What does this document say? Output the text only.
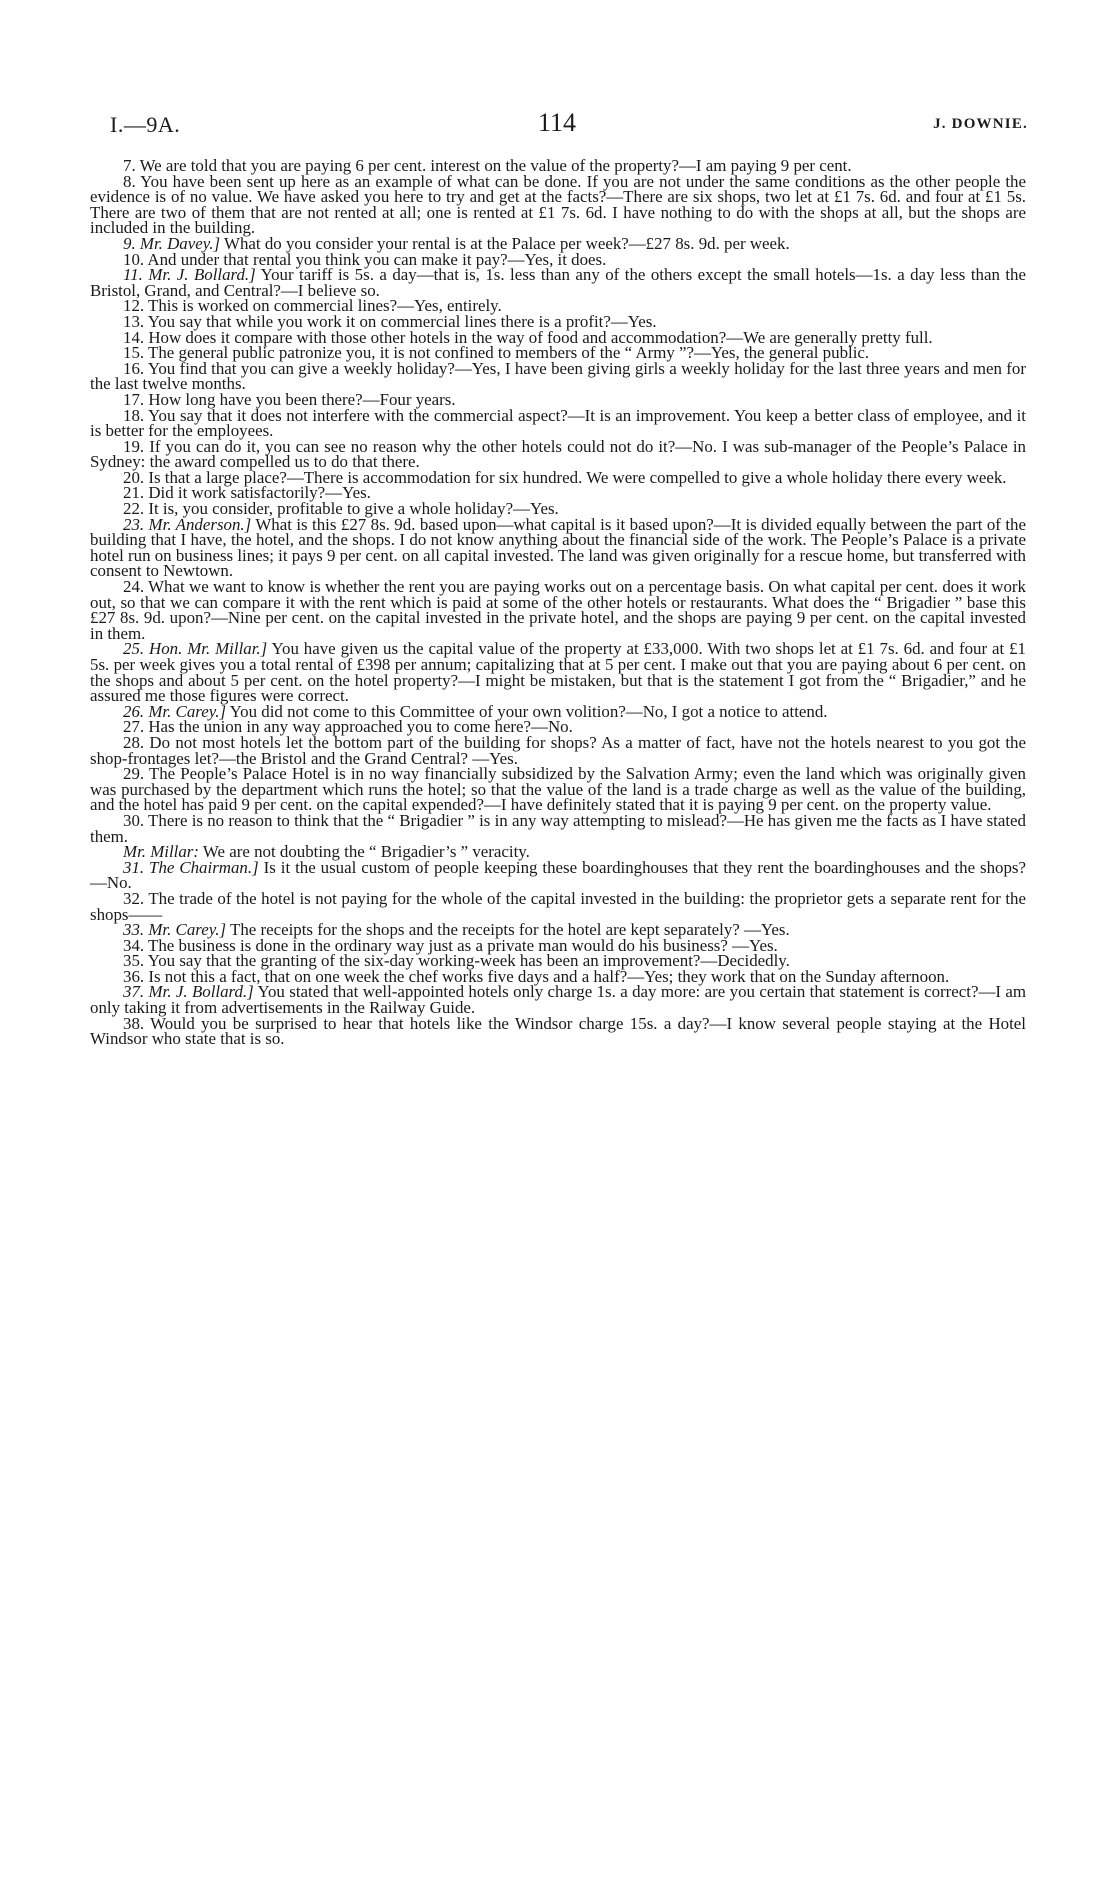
I.—9A.	114	J. DOWNIE.

7. We are told that you are paying 6 per cent. interest on the value of the property?—I am paying 9 per cent.

8. You have been sent up here as an example of what can be done. If you are not under the same conditions as the other people the evidence is of no value. We have asked you here to try and get at the facts?—There are six shops, two let at £1 7s. 6d. and four at £1 5s. There are two of them that are not rented at all; one is rented at £1 7s. 6d. I have nothing to do with the shops at all, but the shops are included in the building.

9. Mr. Davey.] What do you consider your rental is at the Palace per week?—£27 8s. 9d. per week.

10. And under that rental you think you can make it pay?—Yes, it does.

11. Mr. J. Bollard.] Your tariff is 5s. a day—that is, 1s. less than any of the others except the small hotels—1s. a day less than the Bristol, Grand, and Central?—I believe so.

12. This is worked on commercial lines?—Yes, entirely.

13. You say that while you work it on commercial lines there is a profit?—Yes.

14. How does it compare with those other hotels in the way of food and accommodation?—We are generally pretty full.

15. The general public patronize you, it is not confined to members of the “ Army ”?—Yes, the general public.

16. You find that you can give a weekly holiday?—Yes, I have been giving girls a weekly holiday for the last three years and men for the last twelve months.

17. How long have you been there?—Four years.

18. You say that it does not interfere with the commercial aspect?—It is an improvement. You keep a better class of employee, and it is better for the employees.

19. If you can do it, you can see no reason why the other hotels could not do it?—No. I was sub-manager of the People’s Palace in Sydney: the award compelled us to do that there.

20. Is that a large place?—There is accommodation for six hundred. We were compelled to give a whole holiday there every week.

21. Did it work satisfactorily?—Yes.

22. It is, you consider, profitable to give a whole holiday?—Yes.

23. Mr. Anderson.] What is this £27 8s. 9d. based upon—what capital is it based upon?—It is divided equally between the part of the building that I have, the hotel, and the shops. I do not know anything about the financial side of the work. The People’s Palace is a private hotel run on business lines; it pays 9 per cent. on all capital invested. The land was given originally for a rescue home, but transferred with consent to Newtown.

24. What we want to know is whether the rent you are paying works out on a percentage basis. On what capital per cent. does it work out, so that we can compare it with the rent which is paid at some of the other hotels or restaurants. What does the “ Brigadier ” base this £27 8s. 9d. upon?—Nine per cent. on the capital invested in the private hotel, and the shops are paying 9 per cent. on the capital invested in them.

25. Hon. Mr. Millar.] You have given us the capital value of the property at £33,000. With two shops let at £1 7s. 6d. and four at £1 5s. per week gives you a total rental of £398 per annum; capitalizing that at 5 per cent. I make out that you are paying about 6 per cent. on the shops and about 5 per cent. on the hotel property?—I might be mistaken, but that is the statement I got from the “ Brigadier,” and he assured me those figures were correct.

26. Mr. Carey.] You did not come to this Committee of your own volition?—No, I got a notice to attend.

27. Has the union in any way approached you to come here?—No.

28. Do not most hotels let the bottom part of the building for shops? As a matter of fact, have not the hotels nearest to you got the shop-frontages let?—the Bristol and the Grand Central? —Yes.

29. The People’s Palace Hotel is in no way financially subsidized by the Salvation Army; even the land which was originally given was purchased by the department which runs the hotel; so that the value of the land is a trade charge as well as the value of the building, and the hotel has paid 9 per cent. on the capital expended?—I have definitely stated that it is paying 9 per cent. on the property value.

30. There is no reason to think that the “ Brigadier ” is in any way attempting to mislead?—He has given me the facts as I have stated them.

Mr. Millar: We are not doubting the “ Brigadier’s ” veracity.

31. The Chairman.] Is it the usual custom of people keeping these boardinghouses that they rent the boardinghouses and the shops?—No.

32. The trade of the hotel is not paying for the whole of the capital invested in the building: the proprietor gets a separate rent for the shops——

33. Mr. Carey.] The receipts for the shops and the receipts for the hotel are kept separately? —Yes.

34. The business is done in the ordinary way just as a private man would do his business? —Yes.

35. You say that the granting of the six-day working-week has been an improvement?—Decidedly.

36. Is not this a fact, that on one week the chef works five days and a half?—Yes; they work that on the Sunday afternoon.

37. Mr. J. Bollard.] You stated that well-appointed hotels only charge 1s. a day more: are you certain that statement is correct?—I am only taking it from advertisements in the Railway Guide.

38. Would you be surprised to hear that hotels like the Windsor charge 15s. a day?—I know several people staying at the Hotel Windsor who state that is so.
